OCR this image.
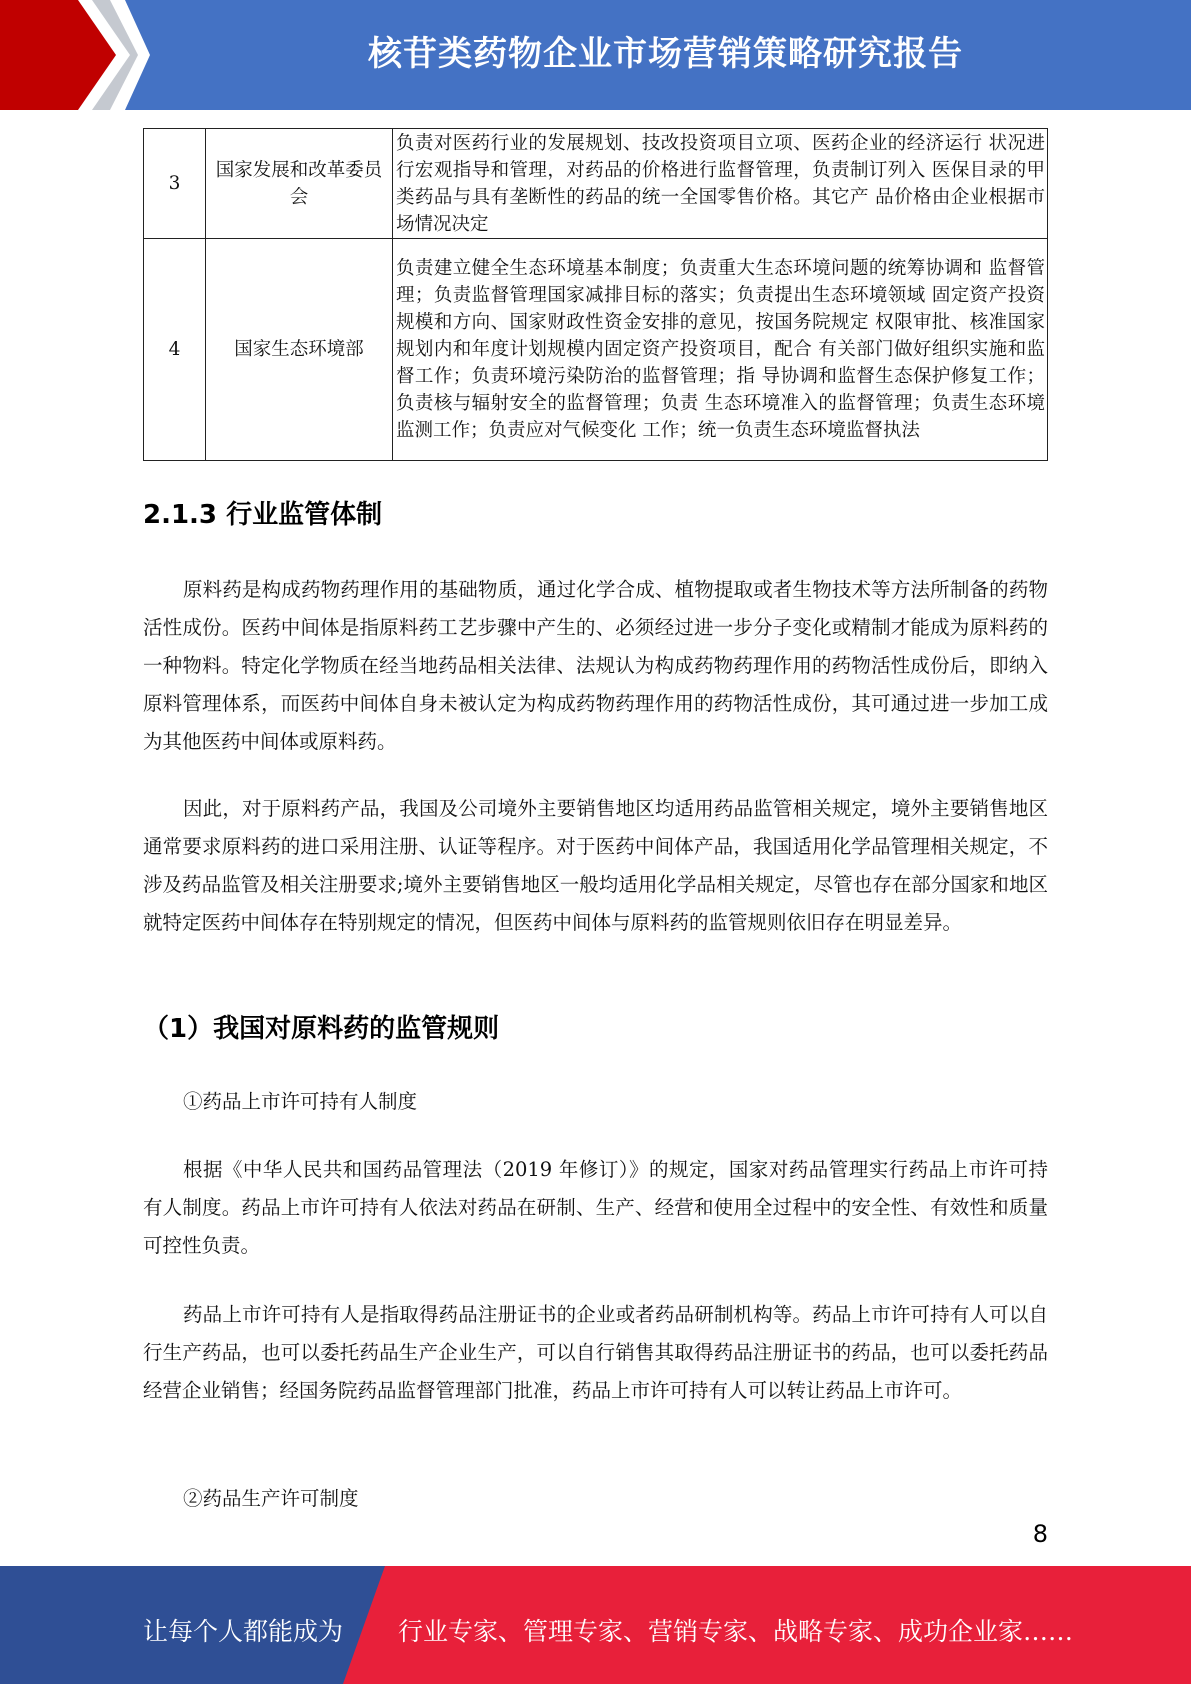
核苷类药物企业市场营销策略研究报告
3	国家发展和改革委员会	负责对医药行业的发展规划、技改投资项目立项、医药企业的经济运行 状况进行宏观指导和管理，对药品的价格进行监督管理，负责制订列入 医保目录的甲类药品与具有垄断性的药品的统一全国零售价格。其它产 品价格由企业根据市场情况决定
4	国家生态环境部	负责建立健全生态环境基本制度；负责重大生态环境问题的统筹协调和 监督管理；负责监督管理国家减排目标的落实；负责提出生态环境领域 固定资产投资规模和方向、国家财政性资金安排的意见，按国务院规定 权限审批、核准国家规划内和年度计划规模内固定资产投资项目，配合 有关部门做好组织实施和监督工作；负责环境污染防治的监督管理；指 导协调和监督生态保护修复工作；负责核与辐射安全的监督管理；负责 生态环境准入的监督管理；负责生态环境监测工作；负责应对气候变化 工作；统一负责生态环境监督执法
2.1.3 行业监管体制

原料药是构成药物药理作用的基础物质，通过化学合成、植物提取或者生物技术等方法所制备的药物活性成份。医药中间体是指原料药工艺步骤中产生的、必须经过进一步分子变化或精制才能成为原料药的一种物料。特定化学物质在经当地药品相关法律、法规认为构成药物药理作用的药物活性成份后，即纳入原料管理体系，而医药中间体自身未被认定为构成药物药理作用的药物活性成份，其可通过进一步加工成为其他医药中间体或原料药。

因此，对于原料药产品，我国及公司境外主要销售地区均适用药品监管相关规定，境外主要销售地区通常要求原料药的进口采用注册、认证等程序。对于医药中间体产品，我国适用化学品管理相关规定，不涉及药品监管及相关注册要求;境外主要销售地区一般均适用化学品相关规定，尽管也存在部分国家和地区就特定医药中间体存在特别规定的情况，但医药中间体与原料药的监管规则依旧存在明显差异。

（1）我国对原料药的监管规则

①药品上市许可持有人制度

根据《中华人民共和国药品管理法（2019 年修订）》的规定，国家对药品管理实行药品上市许可持有人制度。药品上市许可持有人依法对药品在研制、生产、经营和使用全过程中的安全性、有效性和质量可控性负责。

药品上市许可持有人是指取得药品注册证书的企业或者药品研制机构等。药品上市许可持有人可以自行生产药品，也可以委托药品生产企业生产，可以自行销售其取得药品注册证书的药品，也可以委托药品经营企业销售；经国务院药品监督管理部门批准，药品上市许可持有人可以转让药品上市许可。

②药品生产许可制度

8
让每个人都能成为 行业专家、管理专家、营销专家、战略专家、成功企业家……
